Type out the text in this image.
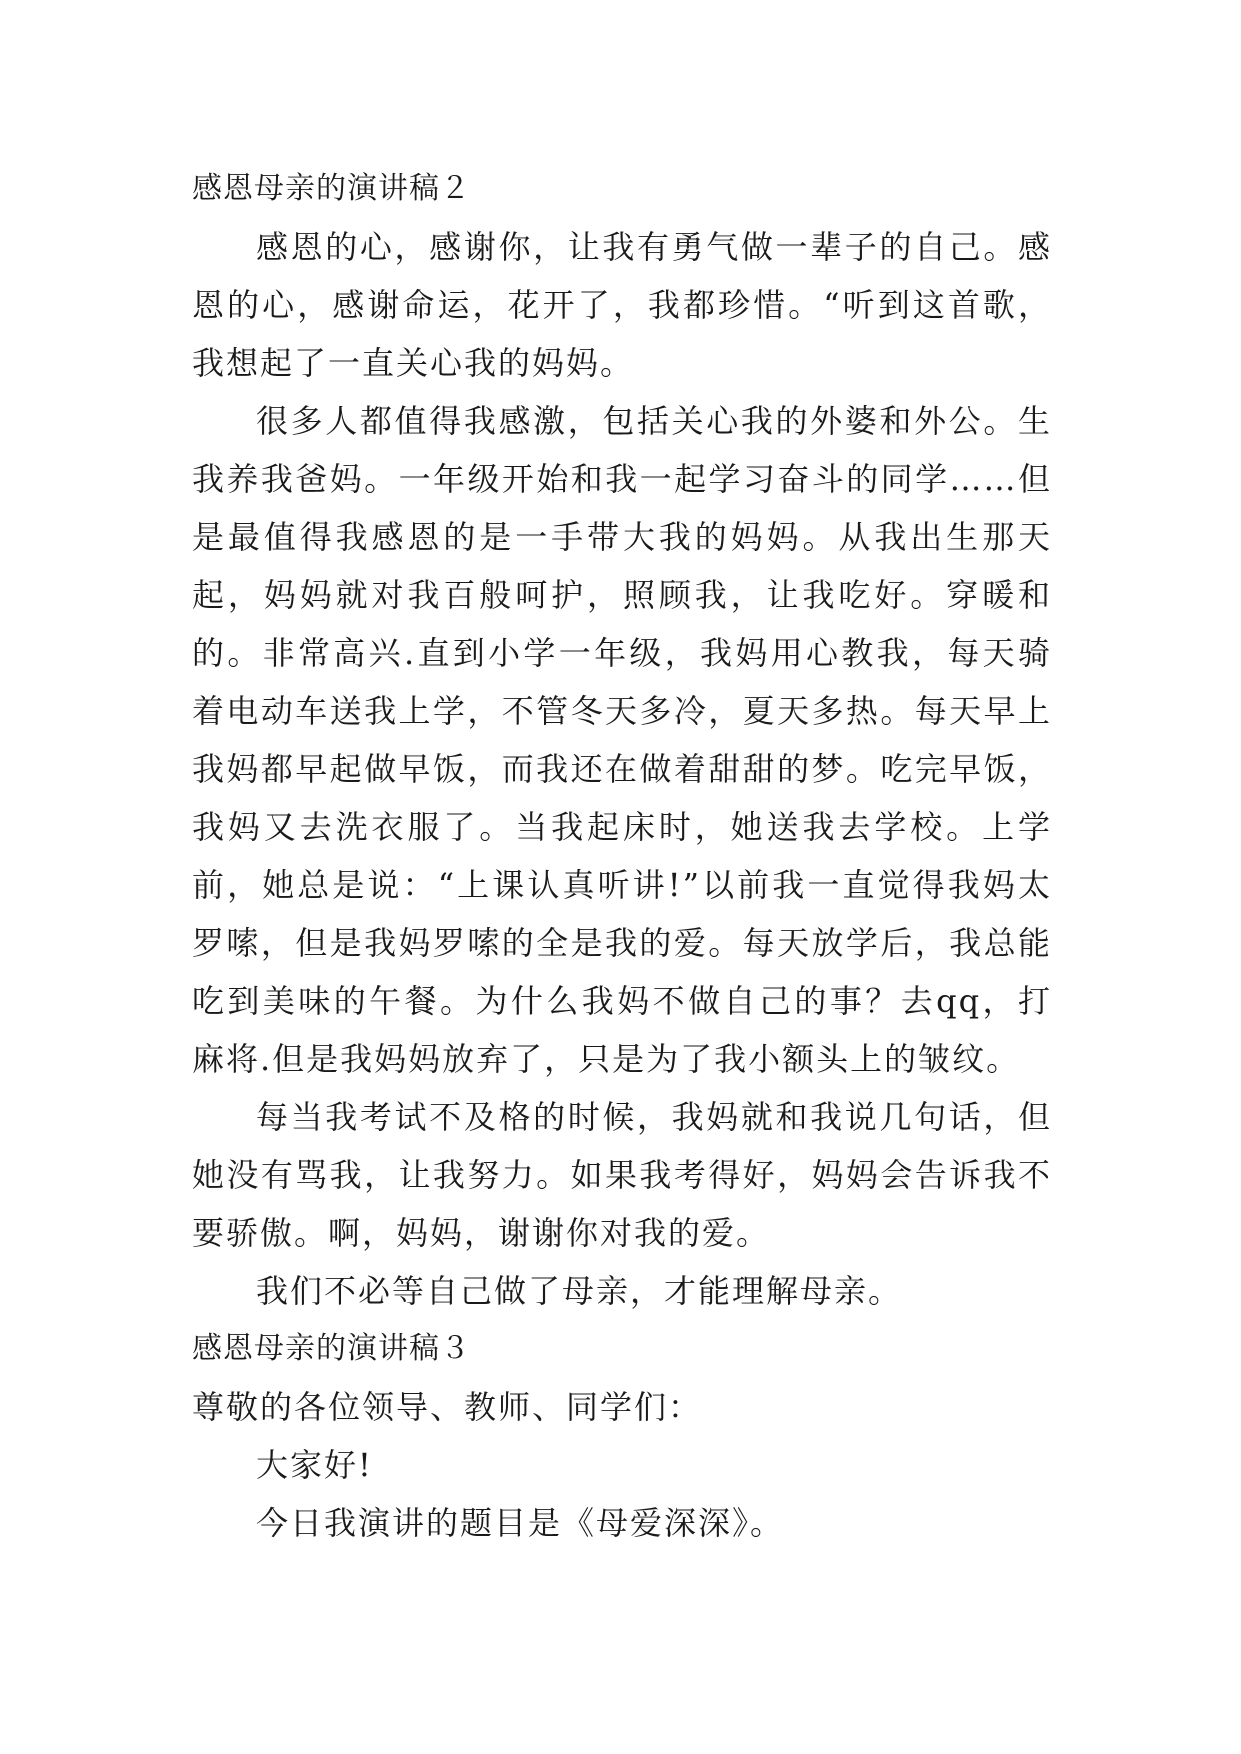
感恩母亲的演讲稿２

感恩的心，感谢你，让我有勇气做一辈子的自己。感恩的心，感谢命运，花开了，我都珍惜。“听到这首歌，我想起了一直关心我的妈妈。

很多人都值得我感激，包括关心我的外婆和外公。生我养我爸妈。一年级开始和我一起学习奋斗的同学……但是最值得我感恩的是一手带大我的妈妈。从我出生那天起，妈妈就对我百般呵护，照顾我，让我吃好。穿暖和的。非常高兴.直到小学一年级，我妈用心教我，每天骑着电动车送我上学，不管冬天多冷，夏天多热。每天早上我妈都早起做早饭，而我还在做着甜甜的梦。吃完早饭，我妈又去洗衣服了。当我起床时，她送我去学校。上学前，她总是说：“上课认真听讲!”以前我一直觉得我妈太罗嗦，但是我妈罗嗦的全是我的爱。每天放学后，我总能吃到美味的午餐。为什么我妈不做自己的事？去qq，打麻将.但是我妈妈放弃了，只是为了我小额头上的皱纹。

每当我考试不及格的时候，我妈就和我说几句话，但她没有骂我，让我努力。如果我考得好，妈妈会告诉我不要骄傲。啊，妈妈，谢谢你对我的爱。

我们不必等自己做了母亲，才能理解母亲。

感恩母亲的演讲稿３

尊敬的各位领导、教师、同学们：

大家好!

今日我演讲的题目是《母爱深深》。
